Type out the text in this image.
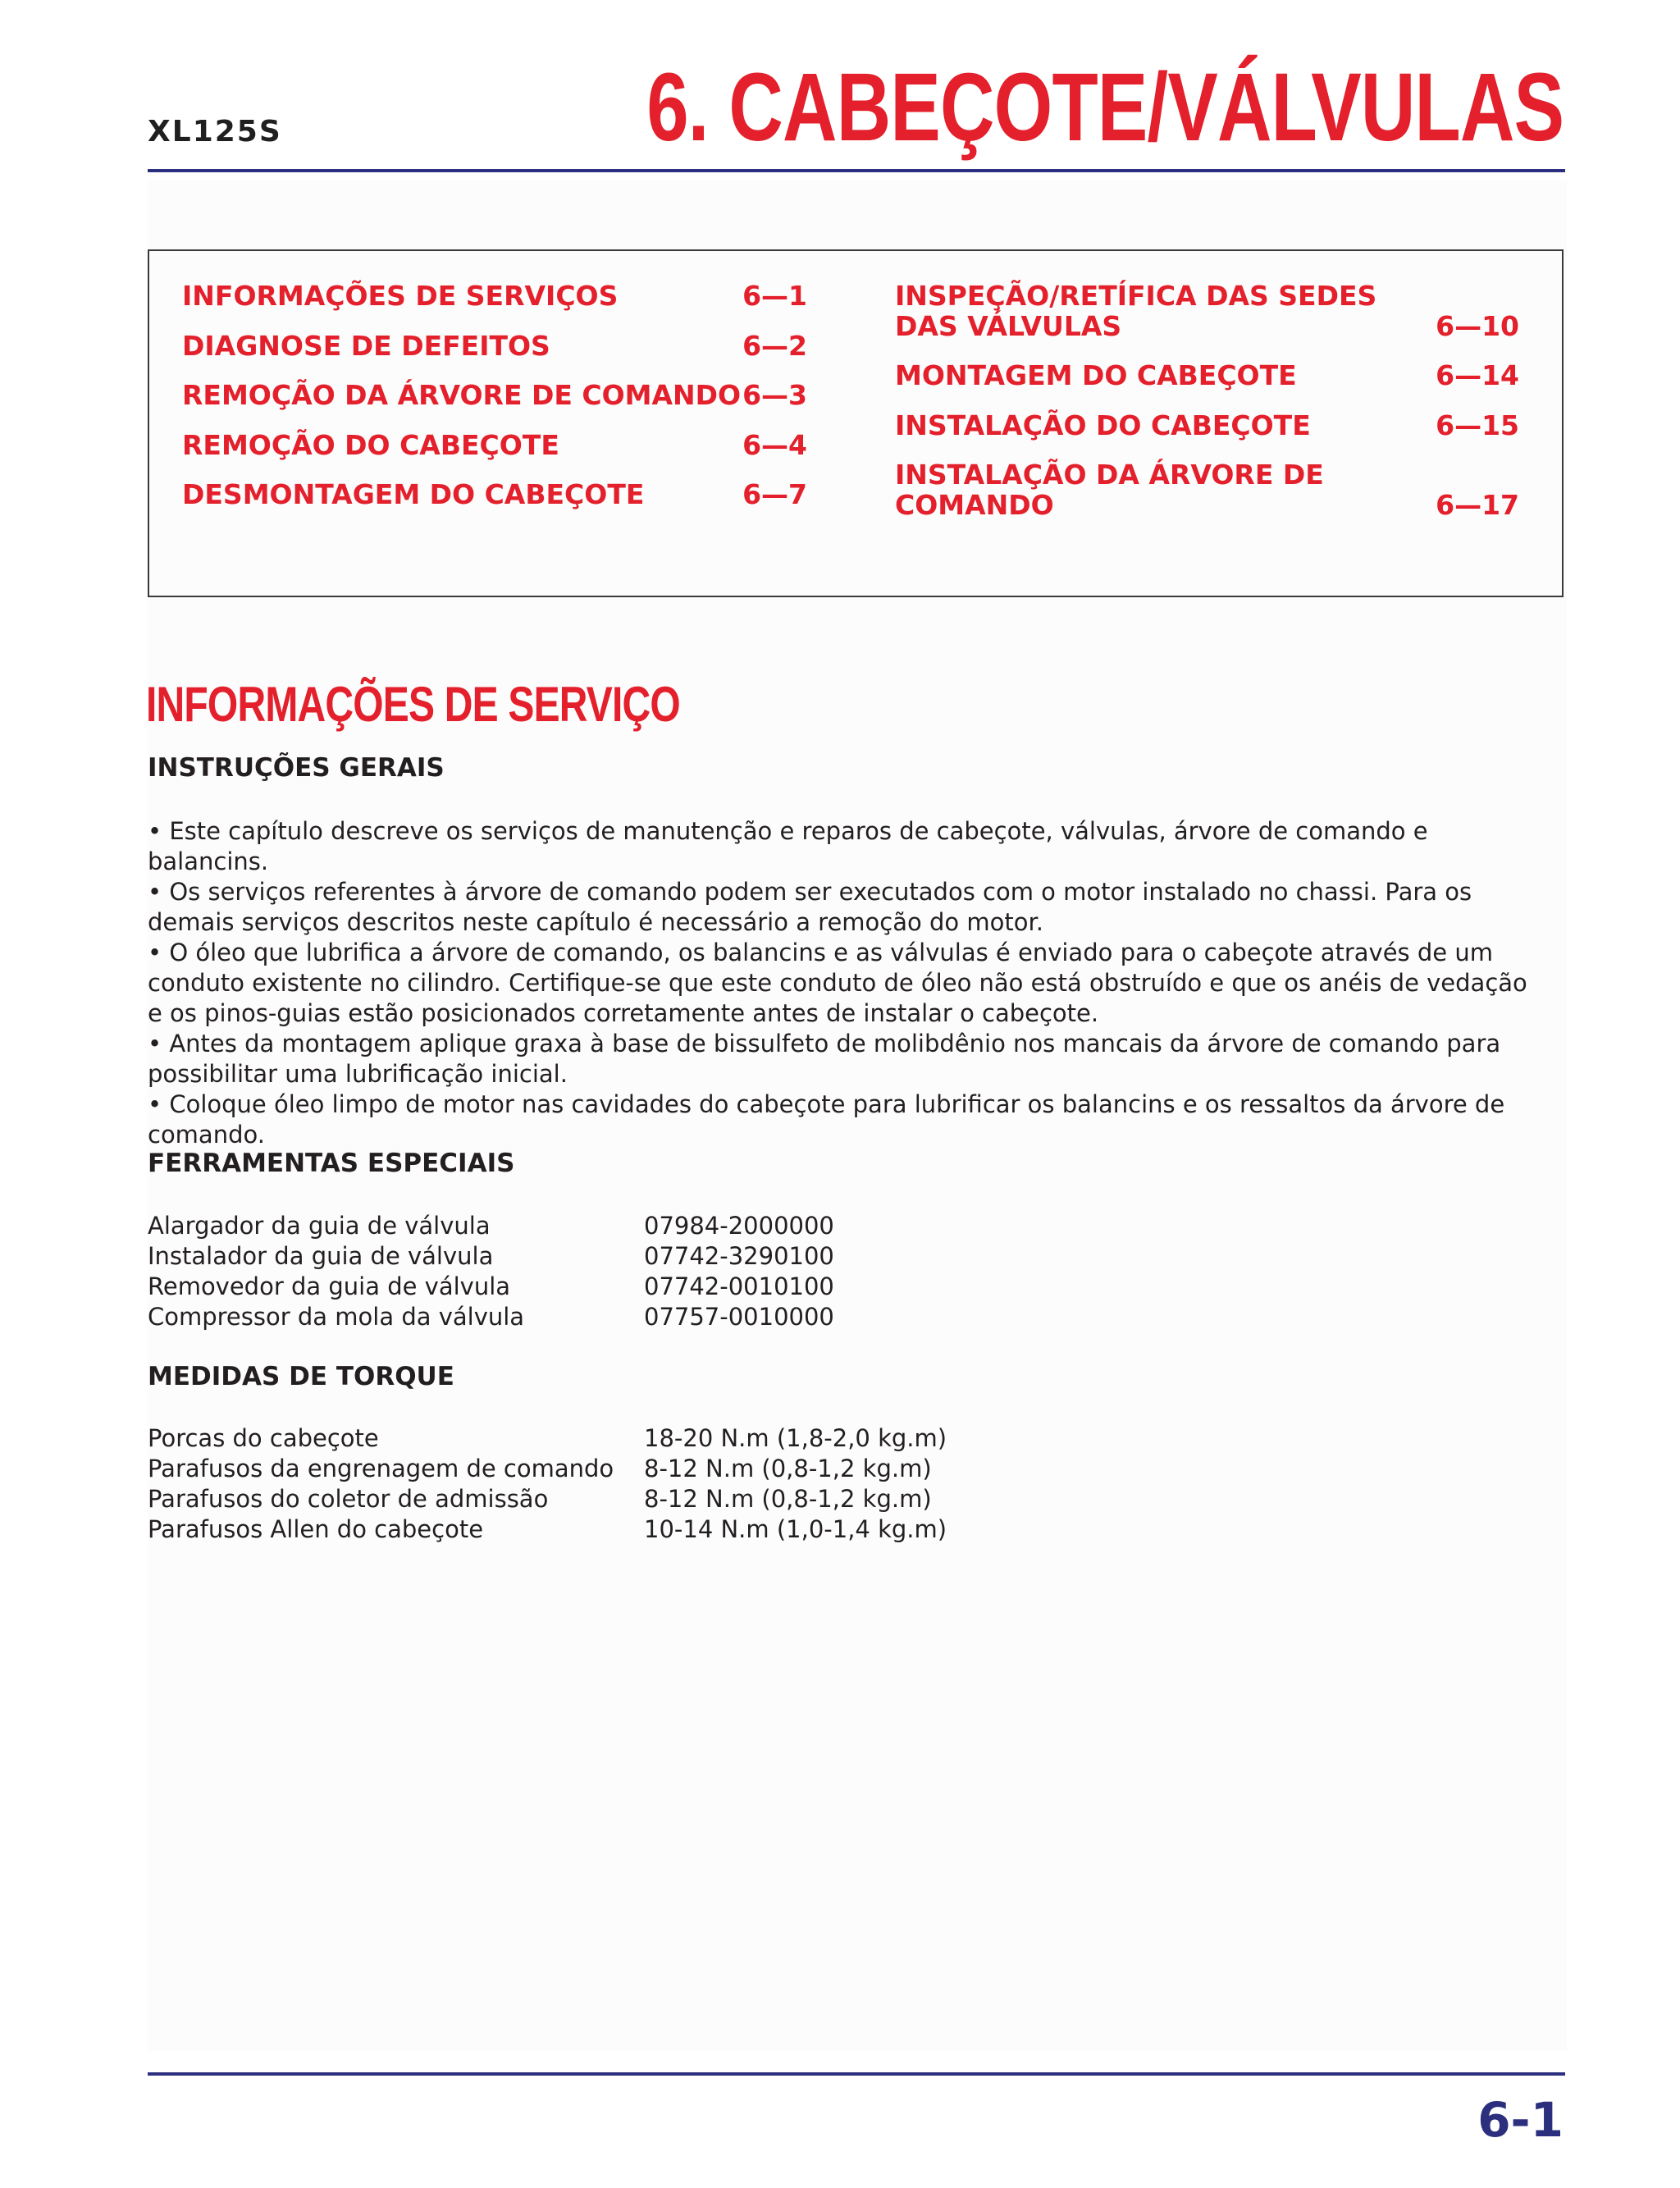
XL125S	6. CABEÇOTE/VÁLVULAS
INFORMAÇÕES DE SERVIÇOS	6—1
DIAGNOSE DE DEFEITOS	6—2
REMOÇÃO DA ÁRVORE DE COMANDO 6—3
REMOÇÃO DO CABEÇOTE	6—4
DESMONTAGEM DO CABEÇOTE	6—7
INSPEÇÃO/RETÍFICA DAS SEDES
DAS VÁLVULAS	6—10
MONTAGEM DO CABEÇOTE	6—14
INSTALAÇÃO DO CABEÇOTE	6—15
INSTALAÇÃO DA ÁRVORE DE
COMANDO	6—17
INFORMAÇÕES DE SERVIÇO
INSTRUÇÕES GERAIS

• Este capítulo descreve os serviços de manutenção e reparos de cabeçote, válvulas, árvore de comando e balancins.

• Os serviços referentes à árvore de comando podem ser executados com o motor instalado no chassi. Para os demais serviços descritos neste capítulo é necessário a remoção do motor.

• O óleo que lubrifica a árvore de comando, os balancins e as válvulas é enviado para o cabeçote através de um conduto existente no cilindro. Certifique-se que este conduto de óleo não está obstruído e que os anéis de vedação e os pinos-guias estão posicionados corretamente antes de instalar o cabeçote.

• Antes da montagem aplique graxa à base de bissulfeto de molibdênio nos mancais da árvore de comando para possibilitar uma lubrificação inicial.

• Coloque óleo limpo de motor nas cavidades do cabeçote para lubrificar os balancins e os ressaltos da árvore de comando.

FERRAMENTAS ESPECIAIS
Alargador da guia de válvula	07984-2000000
Instalador da guia de válvula	07742-3290100
Removedor da guia de válvula	07742-0010100
Compressor da mola da válvula	07757-0010000
MEDIDAS DE TORQUE
Porcas do cabeçote	18-20 N.m (1,8-2,0 kg.m)
Parafusos da engrenagem de comando 8-12 N.m (0,8-1,2 kg.m)
Parafusos do coletor de admissão	8-12 N.m (0,8-1,2 kg.m)
Parafusos Allen do cabeçote	10-14 N.m (1,0-1,4 kg.m)
6-1
